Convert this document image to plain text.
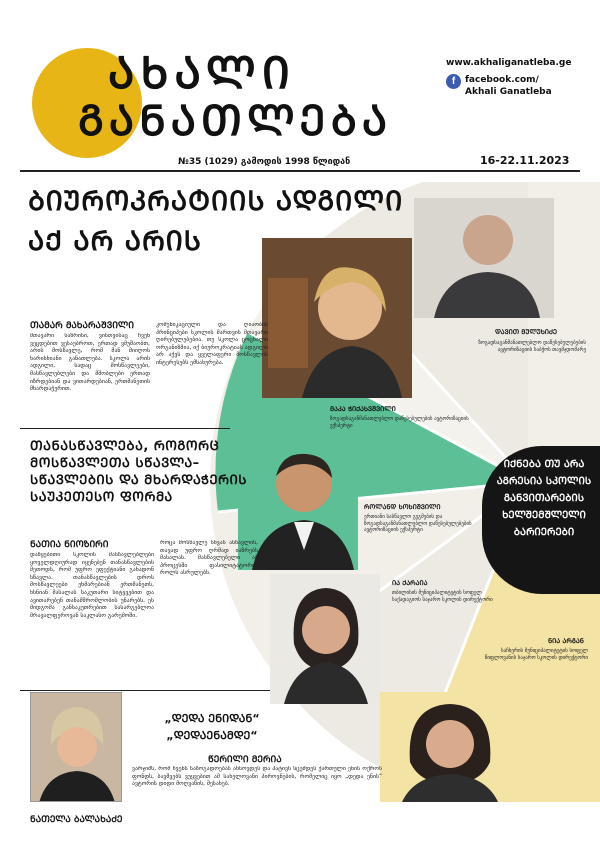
ᲐᲮᲐᲚᲘ
ᲒᲐᲜᲐᲗᲚᲔᲑᲐ
www.akhaliganatleba.ge
f	facebook.com/
Akhali Ganatleba
№35 (1029) გამოდის 1998 წლიდან	16-22.11.2023
ᲘᲥᲜᲔᲑᲐ ᲗᲣ ᲐᲠᲐ ᲐᲒᲠᲔᲡᲘᲐ ᲡᲙᲝᲚᲘᲡ ᲒᲐᲜᲕᲘᲗᲐᲠᲔᲑᲘᲡ ᲮᲔᲚᲨᲔᲛᲨᲚᲔᲚᲘ ᲑᲐᲠᲘᲔᲠᲔᲑᲘ
ᲓᲐᲕᲘᲗ ᲛᲣᲚᲣᲮᲘᲫᲔ
ზოგადსაგანმანათლებლო დაწესებულებების ავტორიზაციის საბჭოს თავმჯდომარე
ᲛᲐᲙᲐ ᲭᲘᲥᲐᲮᲕᲨᲕᲘᲚᲘ
ზოგადსაგანმანათლებლო დაწესებულების ავტორიზაციის ექსპერტი
ᲠᲝᲚᲐᲜᲓ ᲮᲝᲮᲘᲨᲕᲘᲚᲘ
ერთიანი სასწავლო გეგმების და ზოგადსაგანმანათლებლო დაწესებულებების ავტორიზაციის ექსპერტი
ᲘᲐ ᲥᲐᲠᲐᲘᲐ
თბილისის მუნიციპალიტეტის სოფელ საქადაგიოს საჯარო სკოლის დირექტორი
ᲜᲘᲐ ᲐᲠᲒᲐᲜ
საჩხერის მუნიციპალიტეტის სოფელ წიფლოვანის საჯარო სკოლის დირექტორი
ᲑᲘᲣᲠᲝᲙᲠᲐᲢᲘᲘᲡ ᲐᲓᲒᲘᲚᲘ ᲐᲥ ᲐᲠ ᲐᲠᲘᲡ
ᲗᲐᲛᲐᲠ ᲛᲐᲮᲐᲠᲐᲨᲕᲘᲚᲘ
მთავარი საზრისი, ვისთვისაც ჩვენ ვეცდებით ვესაუბროთ, ერთად ვმუშაობთ, არის მოსწავლე, რომ მან მიიღოს ხარისხიანი განათლება. სკოლა არის ადგილი, სადაც მოსწავლეები, მასწავლებლები და მშობლები ერთად იზრდებიან და ვითარდებიან, ერთმანეთის მხარდაჭერით.
კომუნიკაციული და ღიაობის პრინციპები სკოლის მართვის მთავარი ღირებულებებია. თუ სკოლა ცოცხალი ორგანიზმია, იქ ბიუროკრატიას ადგილი არ აქვს და ყველაფერი მოსწავლის ინტერესებს ემსახურება.
ᲗᲐᲜᲐᲡᲬᲐᲕᲚᲔᲑᲐ, ᲠᲝᲒᲝᲠᲪ ᲛᲝᲡᲬᲐᲕᲚᲔᲗᲐ ᲡᲬᲐᲕᲚᲐ–ᲡᲬᲐᲕᲚᲔᲑᲘᲡ ᲓᲐ ᲛᲮᲐᲠᲓᲐᲭᲔᲠᲘᲡ ᲡᲐᲣᲙᲔᲗᲔᲡᲝ ᲤᲝᲠᲛᲐ
ᲜᲐᲗᲘᲐ ᲜᲘᲝᲖᲘᲠᲘ
დაწყებითი სკოლის მასწავლებლები ყოველდღიურად იყენებენ თანასწავლების მეთოდს, რომ უფრო ეფექტიანი გახადონ სწავლა. თანასწავლების დროს მოსწავლეები ეხმარებიან ერთმანეთს, ხსნიან მასალას საკუთარი სიტყვებით და ავითარებენ თანამშრომლობის უნარებს. ეს მიდგომა განსაკუთრებით სასარგებლოა მრავალფეროვან საკლასო გარემოში.
როცა მოსწავლე სხვას ასწავლის, თავად უფრო ღრმად იაზრებს მასალას. მასწავლებელი ამ პროცესში ფასილიტატორის როლს ასრულებს.
„ᲓᲔᲓᲐ ᲔᲜᲘᲓᲐᲜ“ „ᲓᲔᲓᲐᲔᲜᲐᲛᲓᲔ“
ᲬᲔᲠᲘᲚᲘ ᲛᲔᲠᲘᲐ
ვარჯიშს, რომ ჩვენს საზოგადოებას ახსოვდეს და პატივს სცემდეს ქართული ენის ოქროს ფონდს, ბავშვებს ვუყვებით ამ სახელოვანი პიროვნების, რომელიც იყო „დედა ენის“ ავტორის დიდი მოღვაწის, შესახებ.
ᲜᲐᲗᲔᲚᲐ ᲑᲐᲚᲐᲮᲐᲫᲔ
